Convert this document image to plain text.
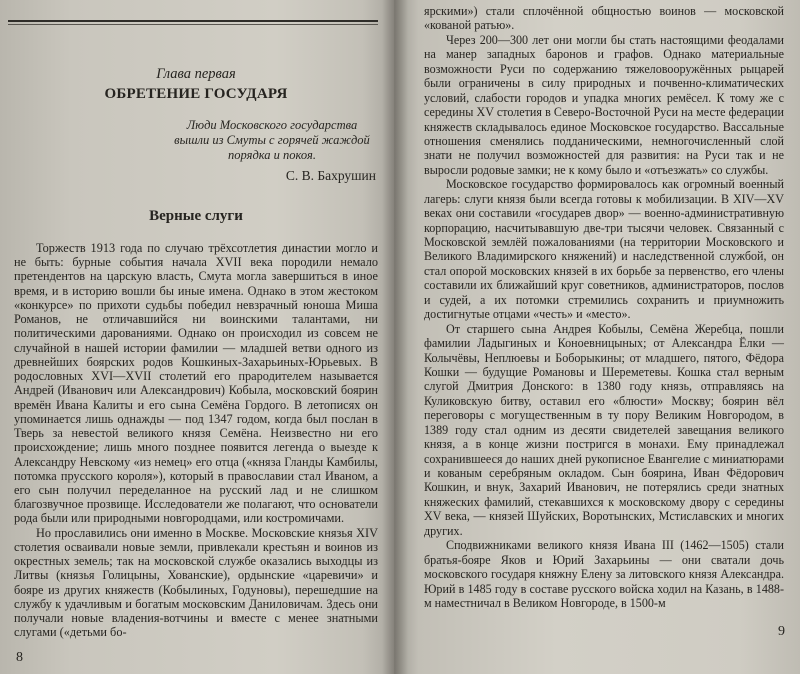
Глава первая
ОБРЕТЕНИЕ ГОСУДАРЯ
Люди Московского государства вышли из Смуты с горячей жаждой порядка и покоя.
С. В. Бахрушин
Верные слуги

Торжеств 1913 года по случаю трёхсотлетия династии могло и не быть: бурные события начала XVII века породили немало претендентов на царскую власть, Смута могла завершиться в иное время, и в историю вошли бы иные имена. Однако в этом жестоком «конкурсе» по прихоти судьбы победил невзрачный юноша Миша Романов, не отличавшийся ни воинскими талантами, ни политическими дарованиями. Однако он происходил из совсем не случайной в нашей истории фамилии — младшей ветви одного из древнейших боярских родов Кошкиных-Захарьиных-Юрьевых. В родословных XVI—XVII столетий его прародителем называется Андрей (Иванович или Александрович) Кобыла, московский боярин времён Ивана Калиты и его сына Семёна Гордого. В летописях он упоминается лишь однажды — под 1347 годом, когда был послан в Тверь за невестой великого князя Семёна. Неизвестно ни его происхождение; лишь много позднее появится легенда о выезде к Александру Невскому «из немец» его отца («княза Гланды Камбилы, потомка прусского короля»), который в православии стал Иваном, а его сын получил переделанное на русский лад и не слишком благозвучное прозвище. Исследователи же полагают, что основатели рода были или природными новгородцами, или костромичами.

Но прославились они именно в Москве. Московские князья XIV столетия осваивали новые земли, привлекали крестьян и воинов из окрестных земель; так на московской службе оказались выходцы из Литвы (князья Голицыны, Хованские), ордынские «царевичи» и бояре из других княжеств (Кобылиных, Годуновы), перешедшие на службу к удачливым и богатым московским Даниловичам. Здесь они получали новые владения-вотчины и вместе с менее знатными слугами («детьми бо-

8

ярскими») стали сплочённой общностью воинов — московской «кованой ратью».

Через 200—300 лет они могли бы стать настоящими феодалами на манер западных баронов и графов. Однако материальные возможности Руси по содержанию тяжеловооружённых рыцарей были ограничены в силу природных и почвенно-климатических условий, слабости городов и упадка многих ремёсел. К тому же с середины XV столетия в Северо-Восточной Руси на месте федерации княжеств складывалось единое Московское государство. Вассальные отношения сменялись подданическими, немногочисленный слой знати не получил возможностей для развития: на Руси так и не выросли родовые замки; не к кому было и «отъезжать» со службы.

Московское государство формировалось как огромный военный лагерь: слуги князя были всегда готовы к мобилизации. В XIV—XV веках они составили «государев двор» — военно-административную корпорацию, насчитывавшую две-три тысячи человек. Связанный с Московской землёй пожалованиями (на территории Московского и Великого Владимирского княжений) и наследственной службой, он стал опорой московских князей в их борьбе за первенство, его члены составили их ближайший круг советников, администраторов, послов и судей, а их потомки стремились сохранить и приумножить достигнутые отцами «честь» и «место».

От старшего сына Андрея Кобылы, Семёна Жеребца, пошли фамилии Ладыгиных и Коноевницыных; от Александра Ёлки — Колычёвы, Неплюевы и Боборыкины; от младшего, пятого, Фёдора Кошки — будущие Романовы и Шереметевы. Кошка стал верным слугой Дмитрия Донского: в 1380 году князь, отправляясь на Куликовскую битву, оставил его «блюсти» Москву; боярин вёл переговоры с могущественным в ту пору Великим Новгородом, в 1389 году стал одним из десяти свидетелей завещания великого князя, а в конце жизни постригся в монахи. Ему принадлежал сохранившееся до наших дней рукописное Евангелие с миниатюрами и кованым серебряным окладом. Сын боярина, Иван Фёдорович Кошкин, и внук, Захарий Иванович, не потерялись среди знатных княжеских фамилий, стекавшихся к московскому двору с середины XV века, — князей Шуйских, Воротынских, Мстиславских и многих других.

Сподвижниками великого князя Ивана III (1462—1505) стали братья-бояре Яков и Юрий Захарьины — они сватали дочь московского государя княжну Елену за литовского князя Александра. Юрий в 1485 году в составе русского войска ходил на Казань, в 1488-м наместничал в Великом Новгороде, в 1500-м

9
